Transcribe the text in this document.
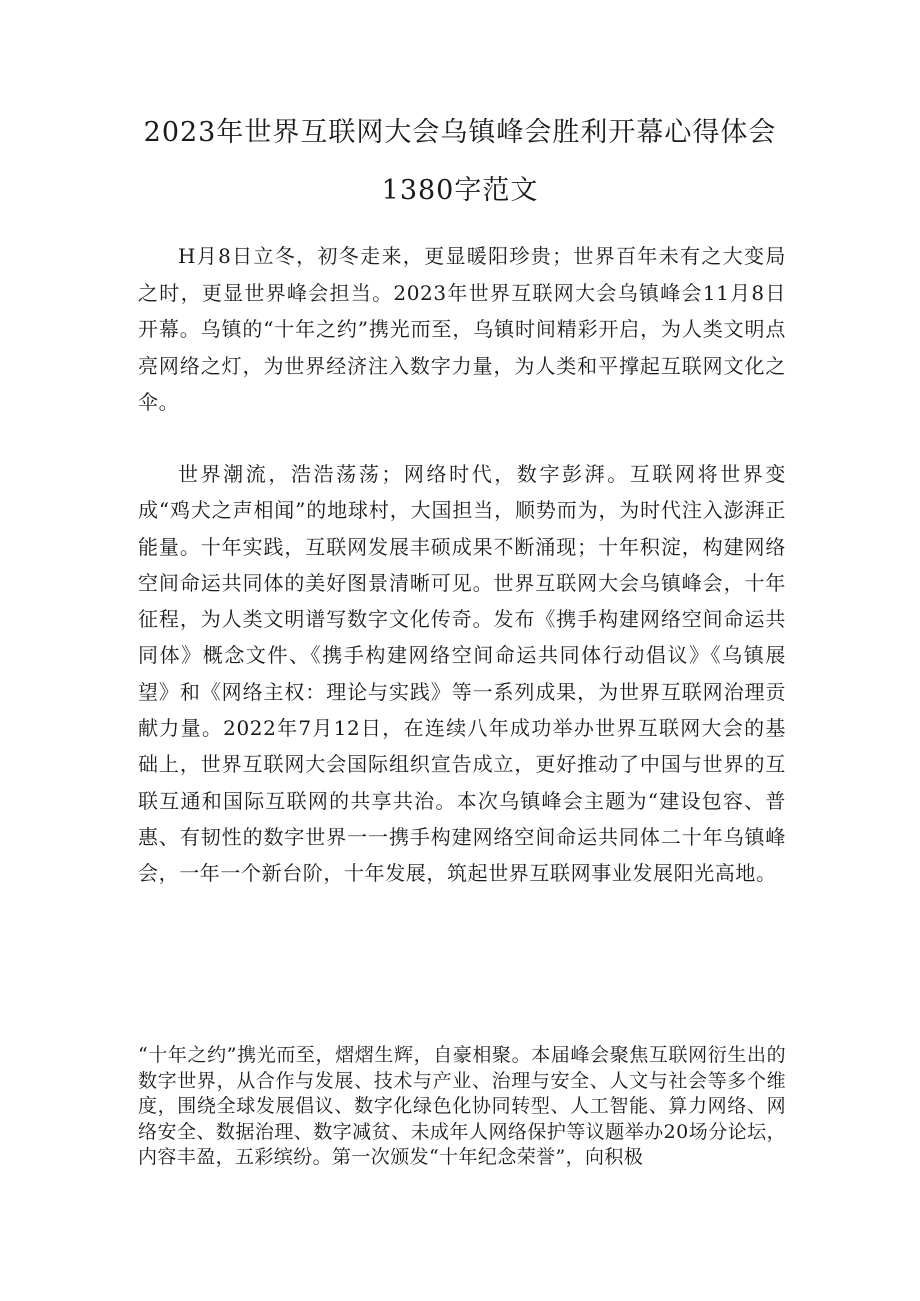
2023年世界互联网大会乌镇峰会胜利开幕心得体会
1380字范文

H月8日立冬，初冬走来，更显暖阳珍贵；世界百年未有之大变局之时，更显世界峰会担当。2023年世界互联网大会乌镇峰会11月8日开幕。乌镇的“十年之约”携光而至，乌镇时间精彩开启，为人类文明点亮网络之灯，为世界经济注入数字力量，为人类和平撑起互联网文化之伞。

世界潮流，浩浩荡荡；网络时代，数字彭湃。互联网将世界变成“鸡犬之声相闻”的地球村，大国担当，顺势而为，为时代注入澎湃正能量。十年实践，互联网发展丰硕成果不断涌现；十年积淀，构建网络空间命运共同体的美好图景清晰可见。世界互联网大会乌镇峰会，十年征程，为人类文明谱写数字文化传奇。发布《携手构建网络空间命运共同体》概念文件、《携手构建网络空间命运共同体行动倡议》《乌镇展望》和《网络主权：理论与实践》等一系列成果，为世界互联网治理贡献力量。2022年7月12日，在连续八年成功举办世界互联网大会的基础上，世界互联网大会国际组织宣告成立，更好推动了中国与世界的互联互通和国际互联网的共享共治。本次乌镇峰会主题为“建设包容、普惠、有韧性的数字世界一一携手构建网络空间命运共同体二十年乌镇峰会，一年一个新台阶，十年发展，筑起世界互联网事业发展阳光高地。

“十年之约”携光而至，熠熠生辉，自豪相聚。本届峰会聚焦互联网衍生出的数字世界，从合作与发展、技术与产业、治理与安全、人文与社会等多个维度，围绕全球发展倡议、数字化绿色化协同转型、人工智能、算力网络、网络安全、数据治理、数字减贫、未成年人网络保护等议题举办20场分论坛，内容丰盈，五彩缤纷。第一次颁发“十年纪念荣誉”，向积极
